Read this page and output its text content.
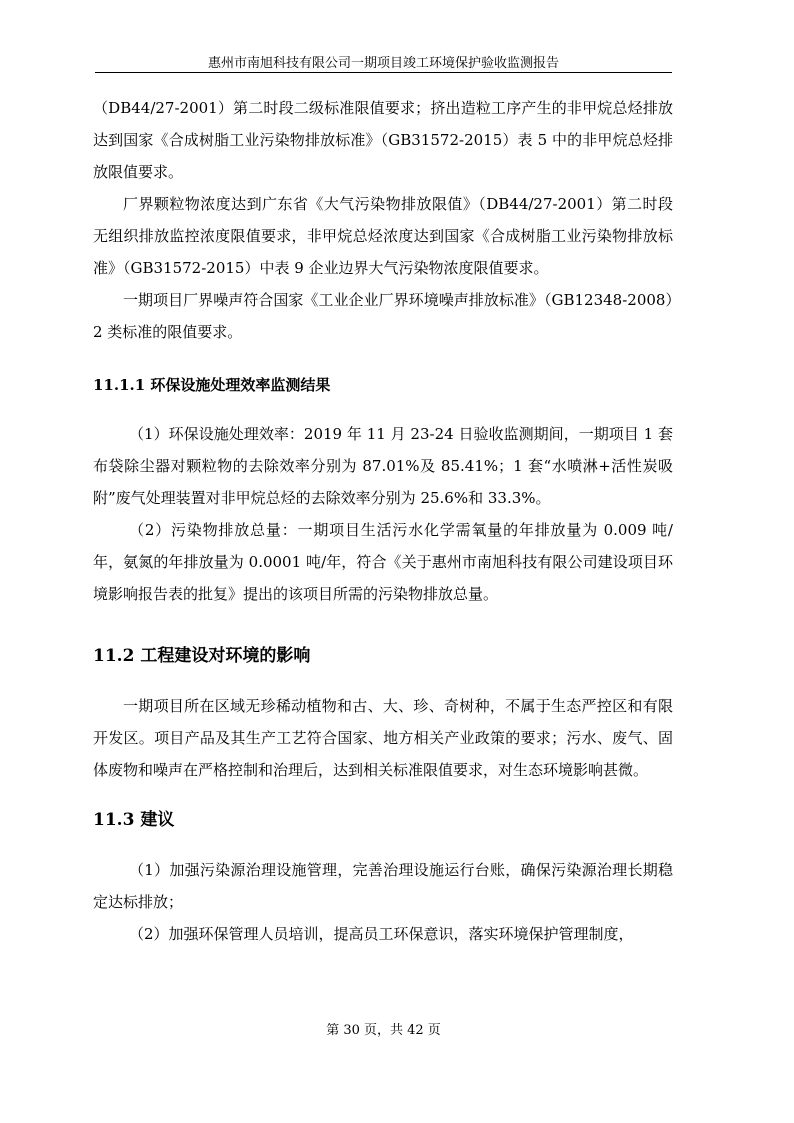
惠州市南旭科技有限公司一期项目竣工环境保护验收监测报告

（DB44/27-2001）第二时段二级标准限值要求；挤出造粒工序产生的非甲烷总烃排放达到国家《合成树脂工业污染物排放标准》（GB31572-2015）表 5 中的非甲烷总烃排放限值要求。

厂界颗粒物浓度达到广东省《大气污染物排放限值》（DB44/27-2001）第二时段无组织排放监控浓度限值要求，非甲烷总烃浓度达到国家《合成树脂工业污染物排放标准》（GB31572-2015）中表 9 企业边界大气污染物浓度限值要求。

一期项目厂界噪声符合国家《工业企业厂界环境噪声排放标准》（GB12348-2008）2 类标准的限值要求。

11.1.1 环保设施处理效率监测结果

（1）环保设施处理效率：2019 年 11 月 23-24 日验收监测期间，一期项目 1 套布袋除尘器对颗粒物的去除效率分别为 87.01%及 85.41%；1 套“水喷淋+活性炭吸附”废气处理装置对非甲烷总烃的去除效率分别为 25.6%和 33.3%。

（2）污染物排放总量：一期项目生活污水化学需氧量的年排放量为 0.009 吨/年，氨氮的年排放量为 0.0001 吨/年，符合《关于惠州市南旭科技有限公司建设项目环境影响报告表的批复》提出的该项目所需的污染物排放总量。

11.2 工程建设对环境的影响

一期项目所在区域无珍稀动植物和古、大、珍、奇树种，不属于生态严控区和有限开发区。项目产品及其生产工艺符合国家、地方相关产业政策的要求；污水、废气、固体废物和噪声在严格控制和治理后，达到相关标准限值要求，对生态环境影响甚微。

11.3 建议

（1）加强污染源治理设施管理，完善治理设施运行台账，确保污染源治理长期稳定达标排放；

（2）加强环保管理人员培训，提高员工环保意识，落实环境保护管理制度，

第 30 页，共 42 页
